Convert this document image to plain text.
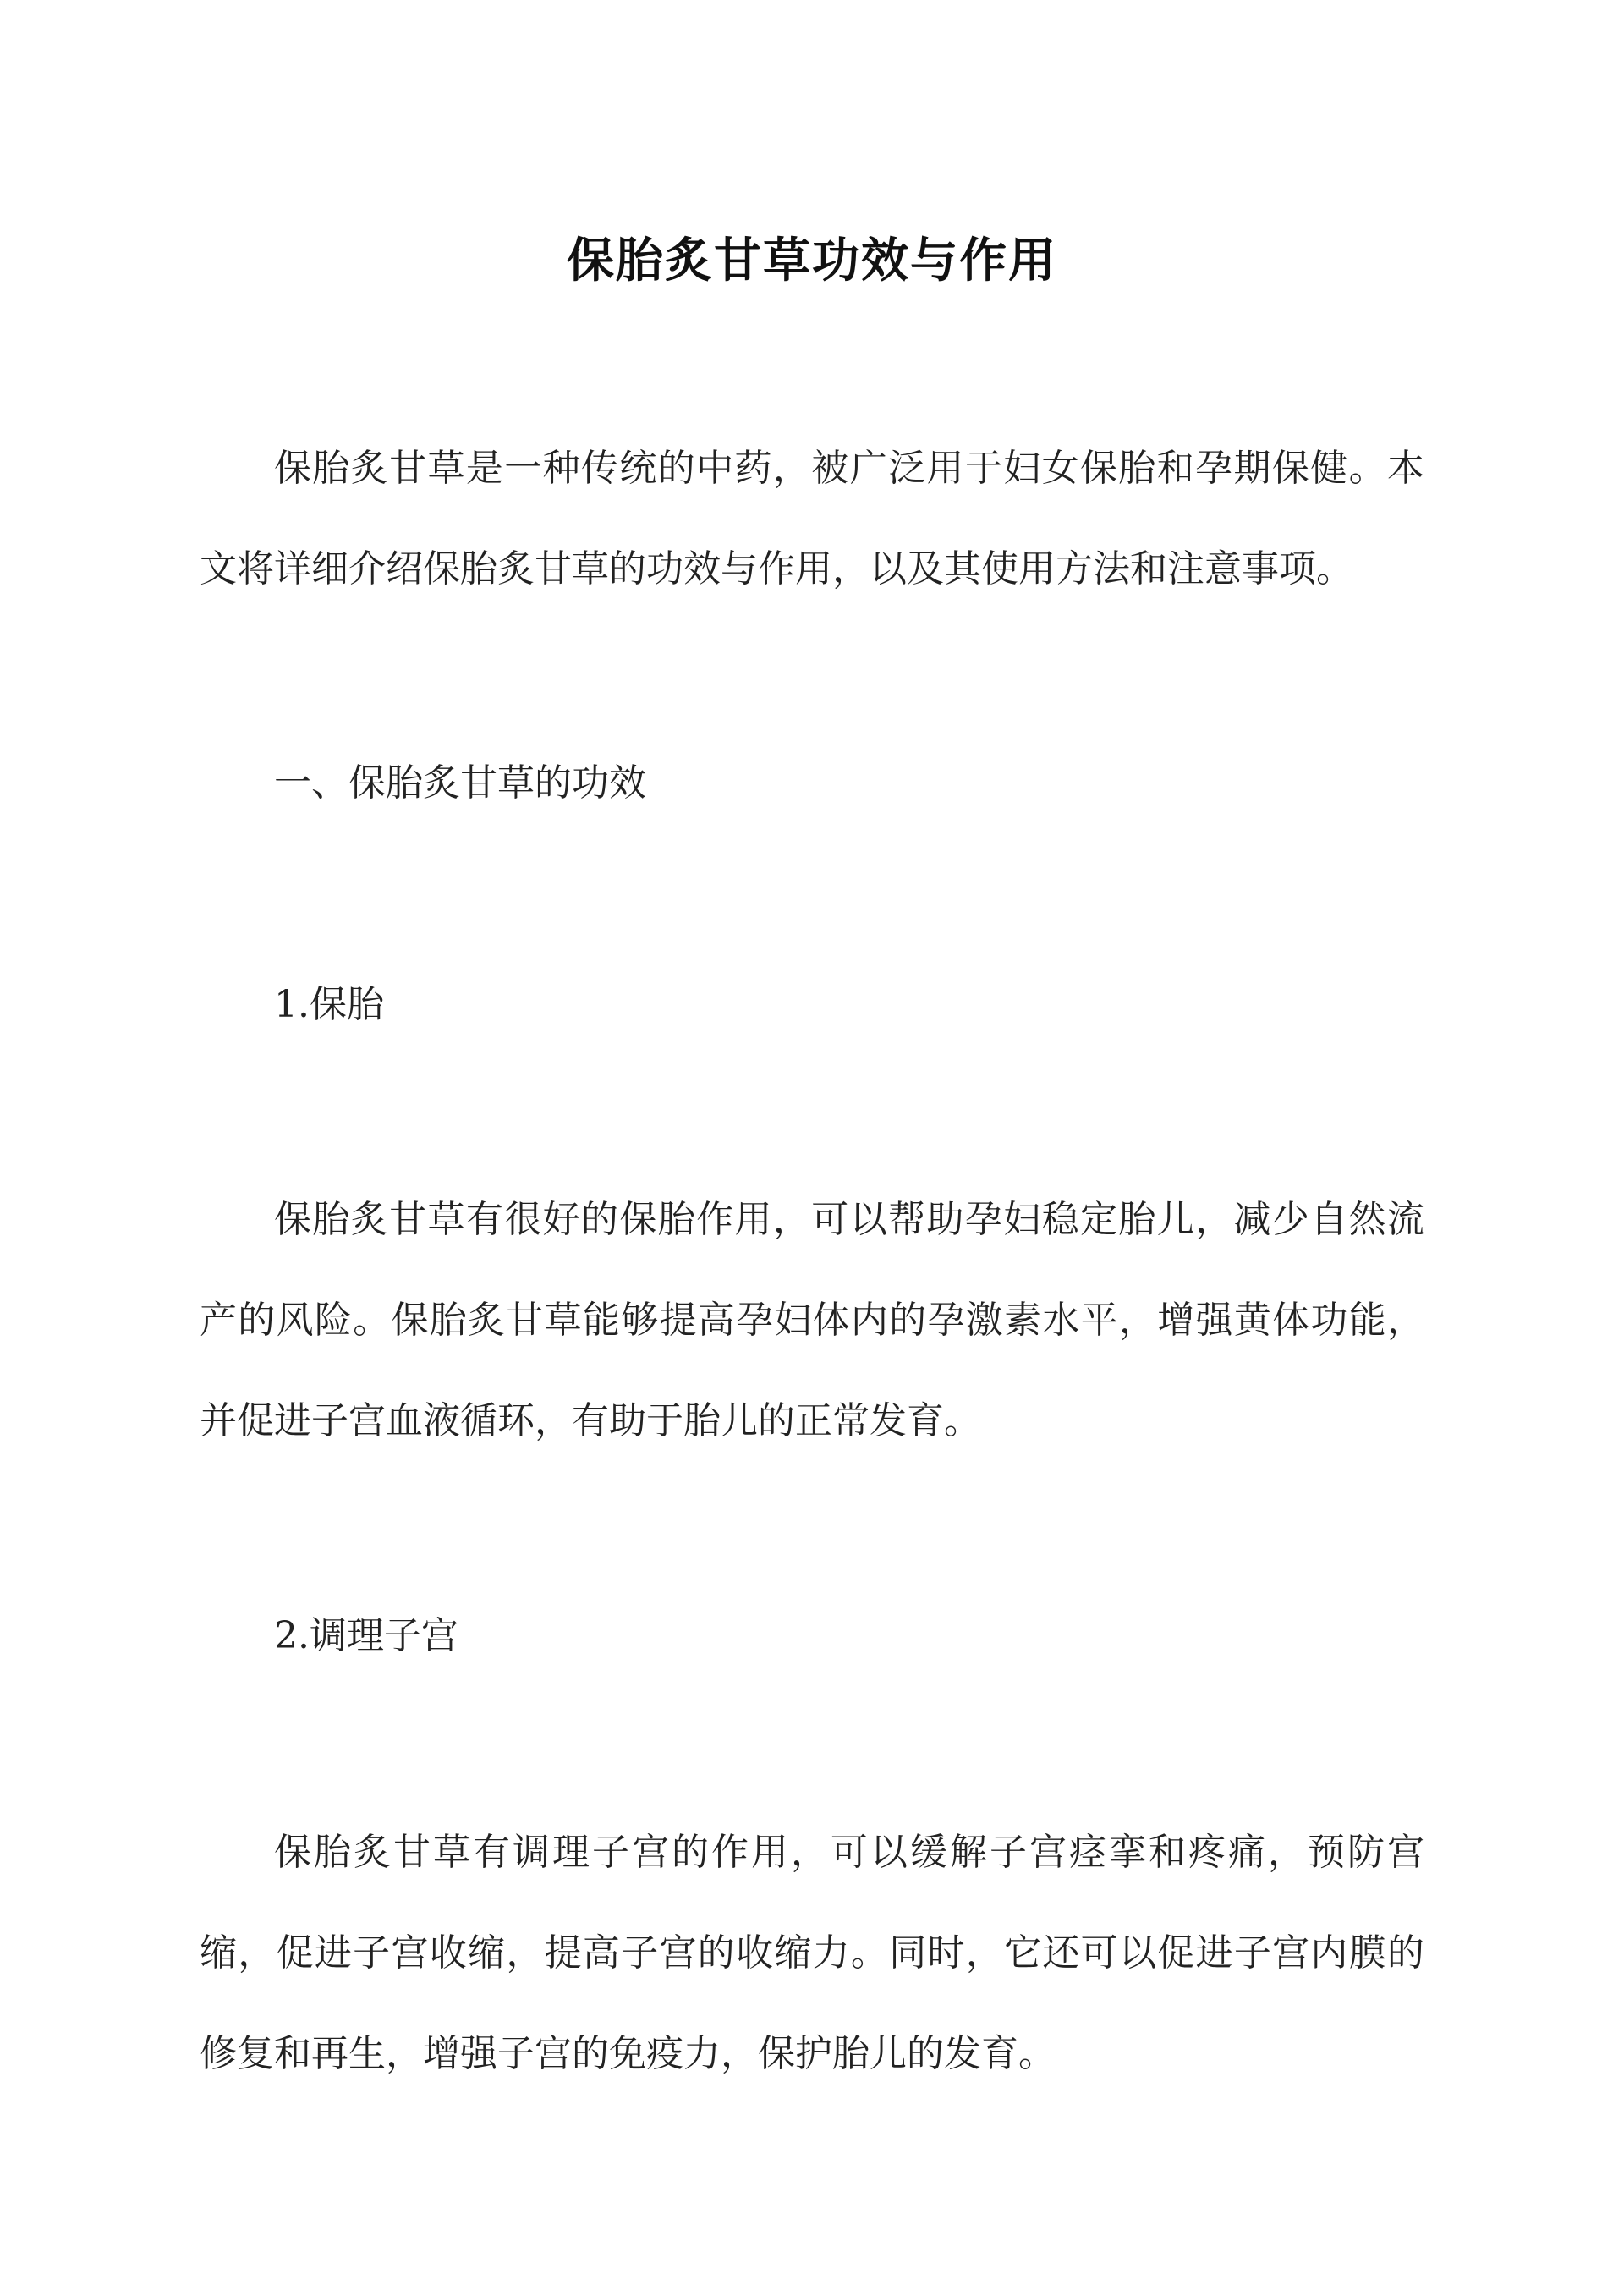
保胎炙甘草功效与作用

保胎炙甘草是一种传统的中药，被广泛用于妇女保胎和孕期保健。本文将详细介绍保胎炙甘草的功效与作用，以及其使用方法和注意事项。

一、保胎炙甘草的功效

1.保胎

保胎炙甘草有很好的保胎作用，可以帮助孕妇稳定胎儿，减少自然流产的风险。保胎炙甘草能够提高孕妇体内的孕激素水平，增强黄体功能，并促进子宫血液循环，有助于胎儿的正常发育。

2.调理子宫

保胎炙甘草有调理子宫的作用，可以缓解子宫痉挛和疼痛，预防宫缩，促进子宫收缩，提高子宫的收缩力。同时，它还可以促进子宫内膜的修复和再生，增强子宫的免疫力，保护胎儿的发育。
